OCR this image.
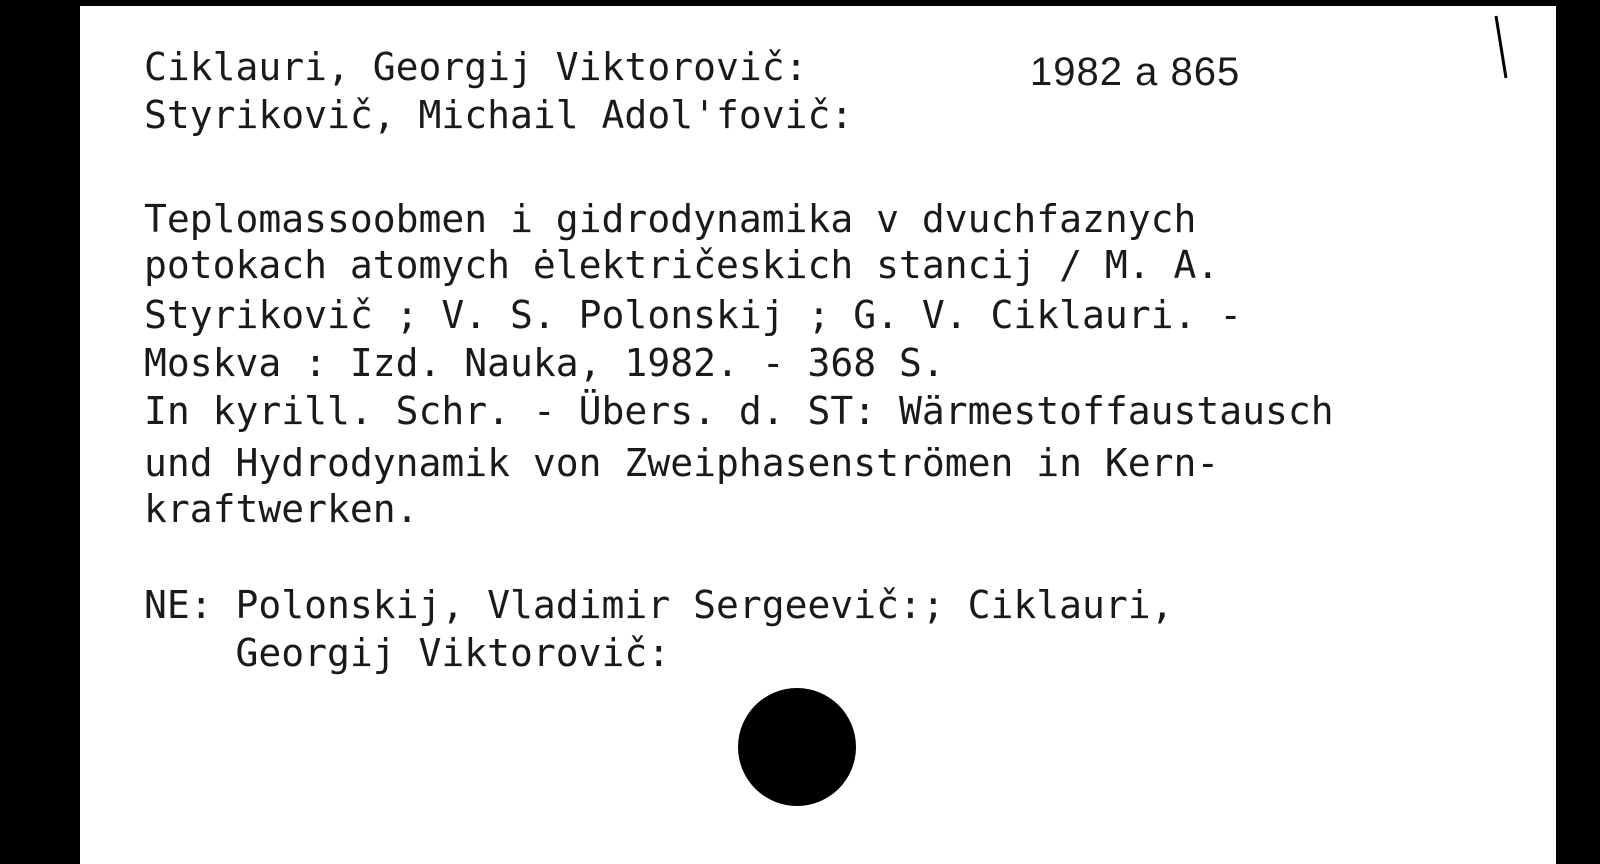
Ciklauri, Georgij Viktorovič:	1982 a 865

Styrikovič, Michail Adol'fovič:

Teplomassoobmen i gidrodynamika v dvuchfaznych

potokach atomych ėlektričeskich stancij / M. A.

Styrikovič ; V. S. Polonskij ; G. V. Ciklauri. -

Moskva : Izd. Nauka, 1982. - 368 S.

In kyrill. Schr. - Übers. d. ST: Wärmestoffaustausch

und Hydrodynamik von Zweiphasenströmen in Kern-

kraftwerken.

NE: Polonskij, Vladimir Sergeevič:; Ciklauri,

Georgij Viktorovič:
